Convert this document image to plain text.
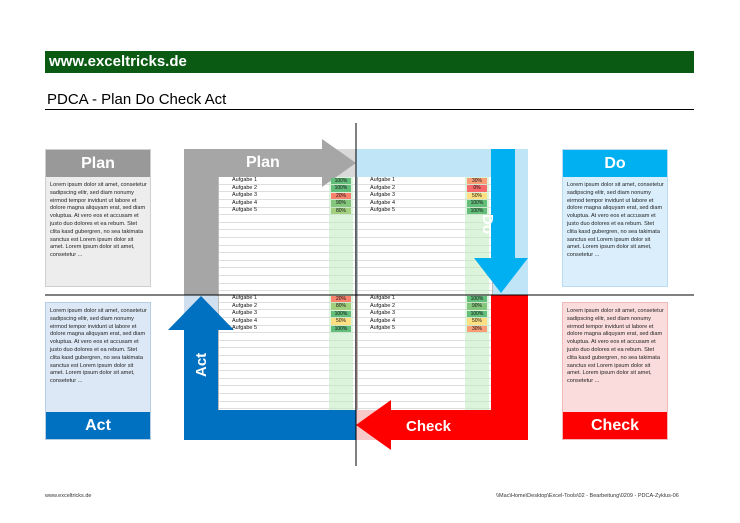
www.exceltricks.de
PDCA - Plan Do Check Act
Plan
Lorem ipsum dolor sit amet, consetetur sadipscing elitr, sed diam nonumy eirmod tempor invidunt ut labore et dolore magna aliquyam erat, sed diam voluptua. At vero eos et accusam et justo duo dolores et ea rebum. Stet clita kasd gubergren, no sea takimata sanctus est Lorem ipsum dolor sit amet. Lorem ipsum dolor sit amet, consetetur ...
Do
Lorem ipsum dolor sit amet, consetetur sadipscing elitr, sed diam nonumy eirmod tempor invidunt ut labore et dolore magna aliquyam erat, sed diam voluptua. At vero eos et accusam et justo duo dolores et ea rebum. Stet clita kasd gubergren, no sea takimata sanctus est Lorem ipsum dolor sit amet. Lorem ipsum dolor sit amet, consetetur ...
Lorem ipsum dolor sit amet, consetetur sadipscing elitr, sed diam nonumy eirmod tempor invidunt ut labore et dolore magna aliquyam erat, sed diam voluptua. At vero eos et accusam et justo duo dolores et ea rebum. Stet clita kasd gubergren, no sea takimata sanctus est Lorem ipsum dolor sit amet. Lorem ipsum dolor sit amet, consetetur ...
Act
Lorem ipsum dolor sit amet, consetetur sadipscing elitr, sed diam nonumy eirmod tempor invidunt ut labore et dolore magna aliquyam erat, sed diam voluptua. At vero eos et accusam et justo duo dolores et ea rebum. Stet clita kasd gubergren, no sea takimata sanctus est Lorem ipsum dolor sit amet. Lorem ipsum dolor sit amet, consetetur ...
Check
Plan
Do
Check
Act
Aufgabe 1
Aufgabe 2
Aufgabe 3
Aufgabe 4
Aufgabe 5
Aufgabe 1
Aufgabe 2
Aufgabe 3
Aufgabe 4
Aufgabe 5
Aufgabe 1
Aufgabe 2
Aufgabe 3
Aufgabe 4
Aufgabe 5
Aufgabe 1
Aufgabe 2
Aufgabe 3
Aufgabe 4
Aufgabe 5
100%
100%
20%
90%
80%
30%
0%
50%
100%
100%
20%
80%
100%
50%
100%
100%
90%
100%
50%
30%
www.exceltricks.de	\\Mac\Home\Desktop\Excel-Tools\02 - Bearbeitung\0209 - PDCA-Zyklus-06
